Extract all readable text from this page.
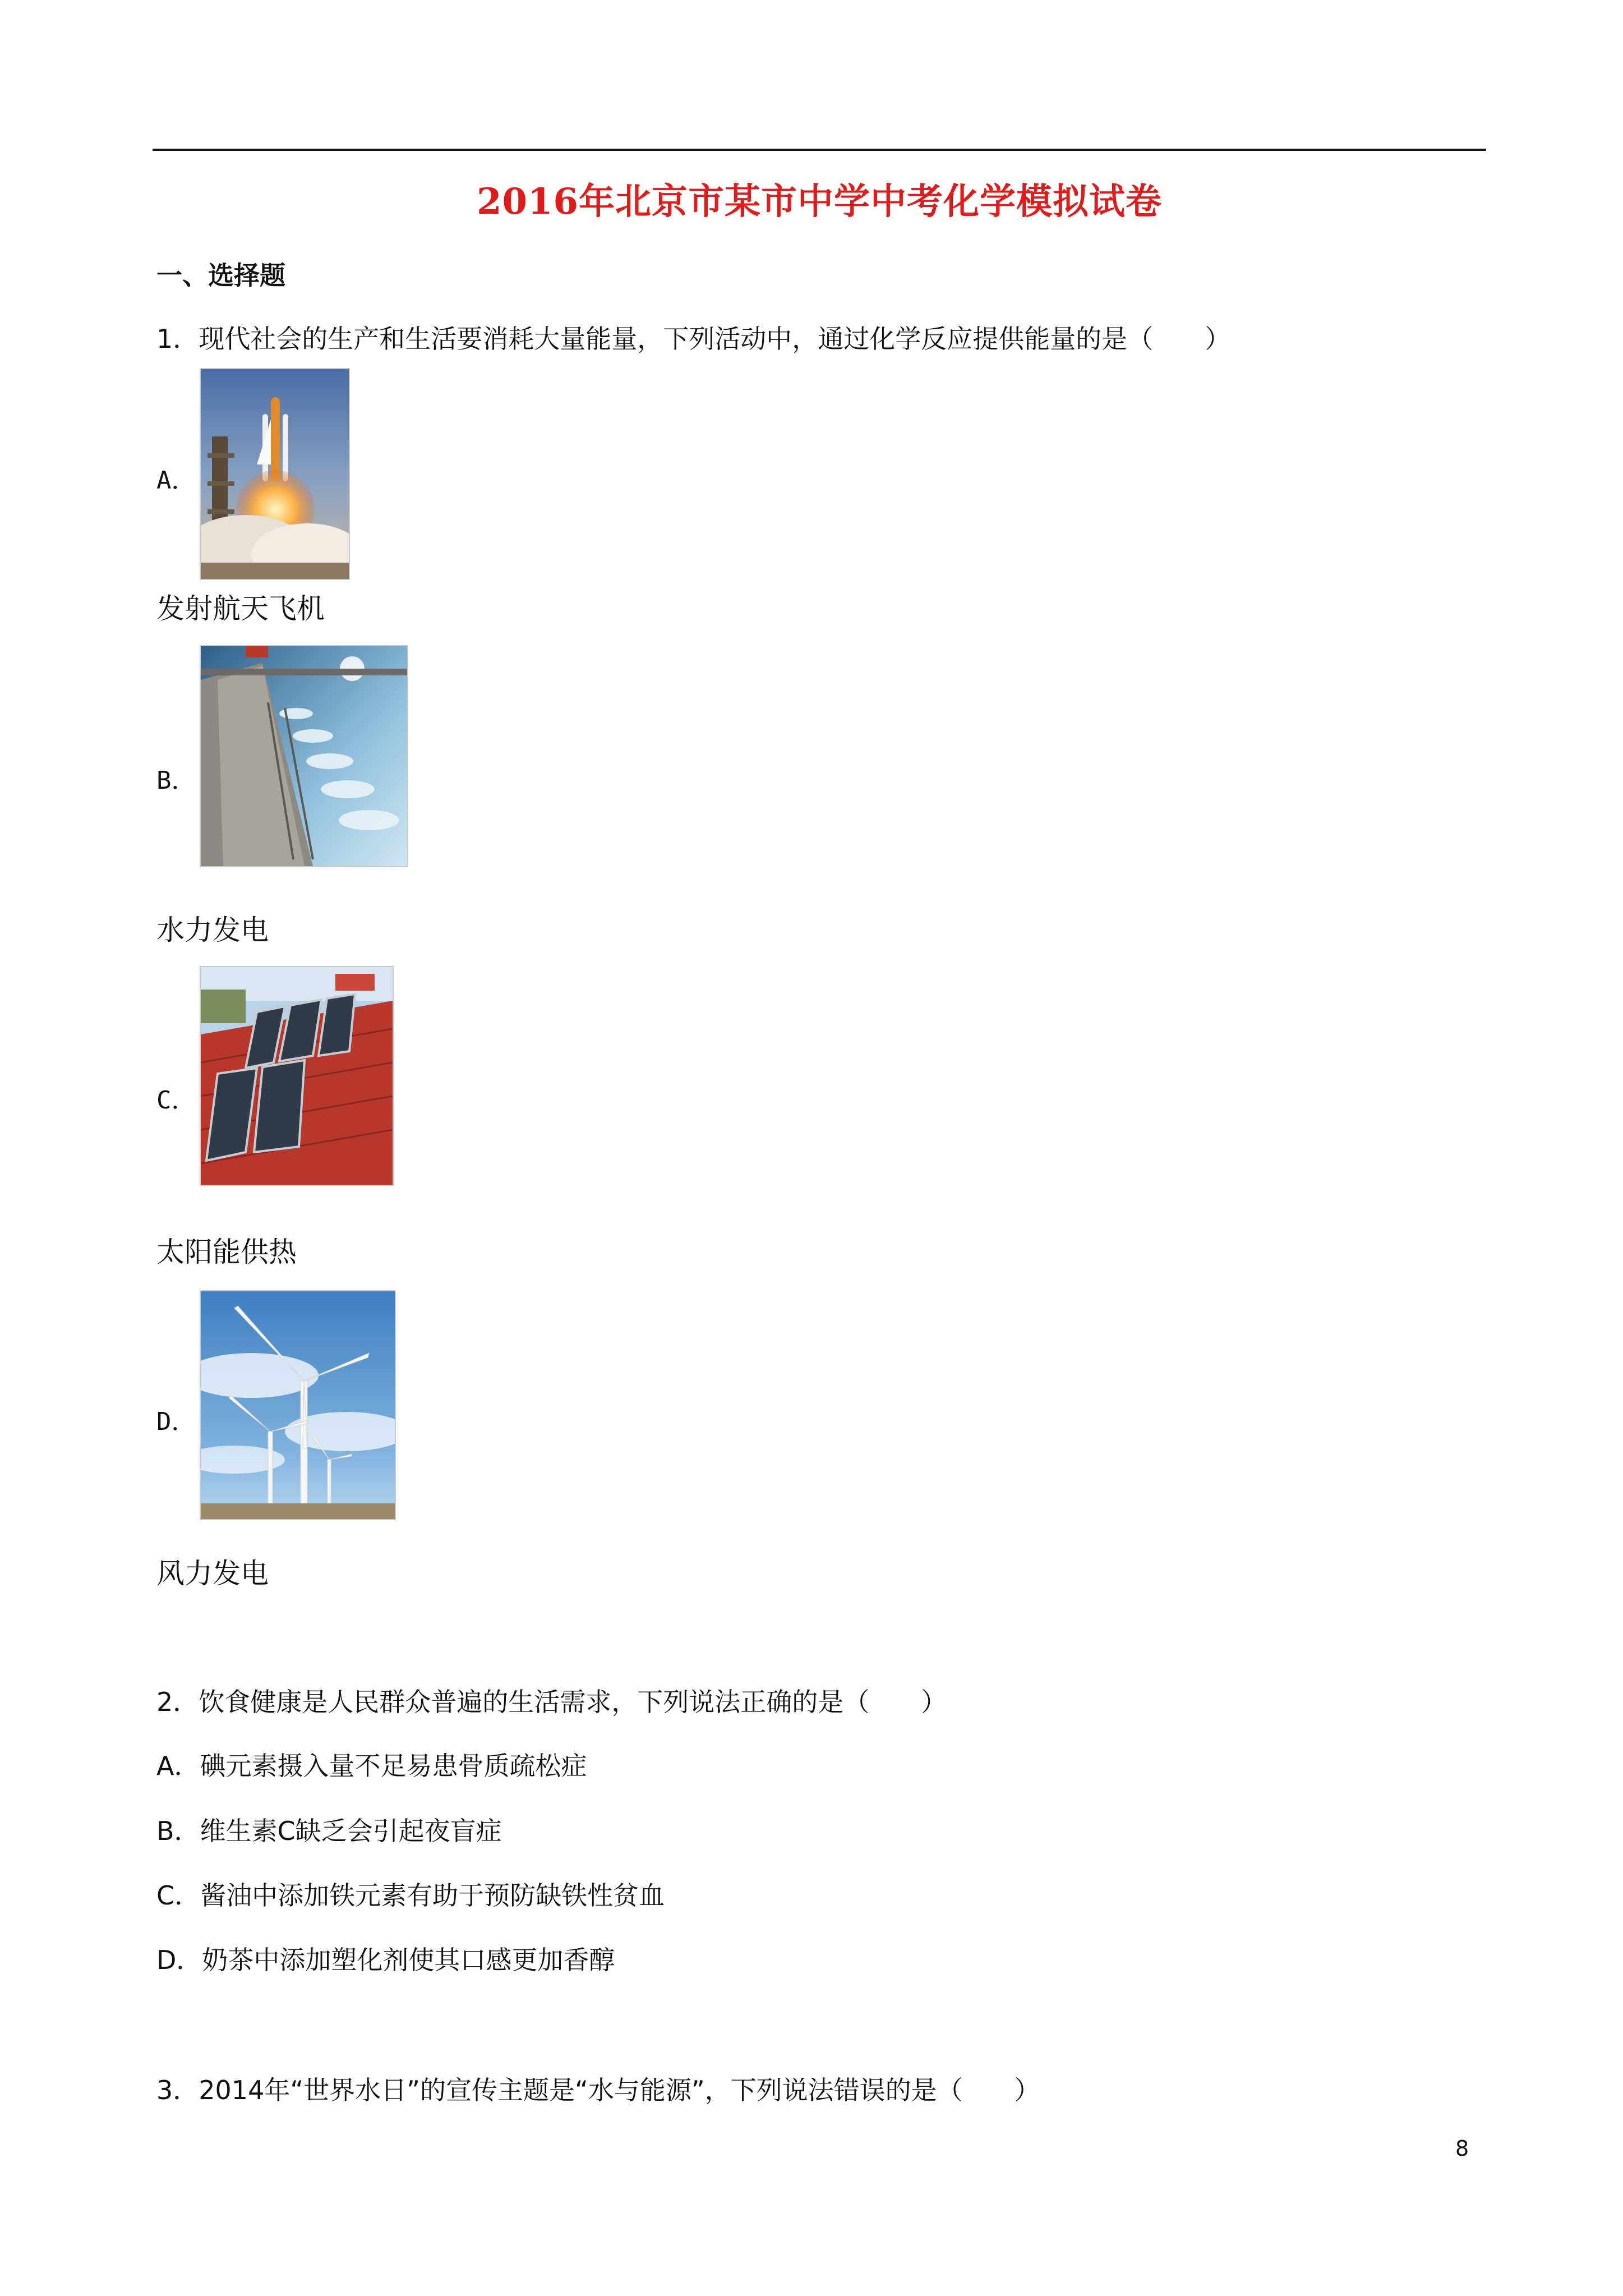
2016年北京市某市中学中考化学模拟试卷
一、选择题
1．现代社会的生产和生活要消耗大量能量，下列活动中，通过化学反应提供能量的是（　　）
A．
发射航天飞机
B．
水力发电
C．
太阳能供热
D．
风力发电
2．饮食健康是人民群众普遍的生活需求，下列说法正确的是（　　）
A．碘元素摄入量不足易患骨质疏松症
B．维生素C缺乏会引起夜盲症
C．酱油中添加铁元素有助于预防缺铁性贫血
D．奶茶中添加塑化剂使其口感更加香醇
3．2014年“世界水日”的宣传主题是“水与能源”，下列说法错误的是（　　）
8
